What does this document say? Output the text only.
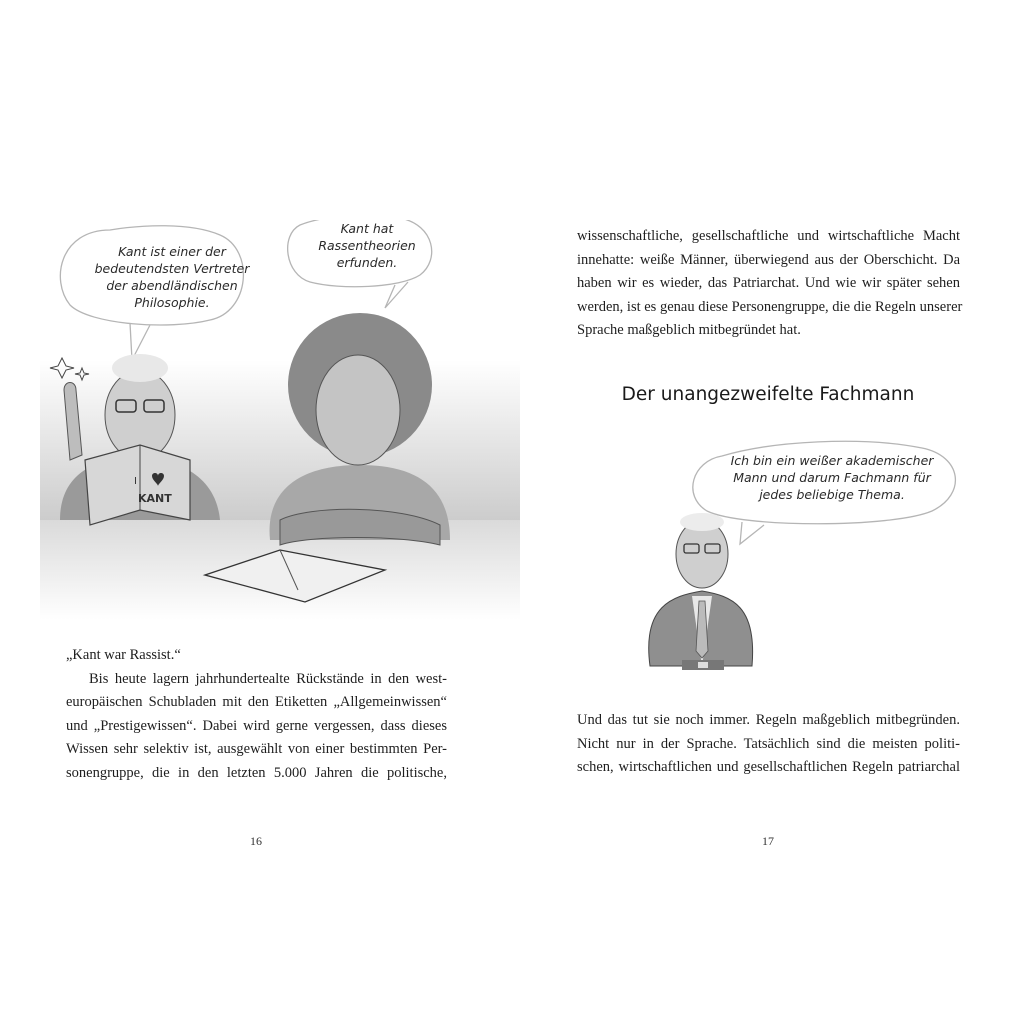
I
KANT
Kant ist einer der
bedeutendsten Vertreter
der abendländischen
Philosophie.
Kant hat
Rassentheorien
erfunden.
„Kant war Rassist.“
Bis heute lagern jahrhundertealte Rückstände in den west-
europäischen Schubladen mit den Etiketten „Allgemeinwissen“
und „Prestigewissen“. Dabei wird gerne vergessen, dass dieses
Wissen sehr selektiv ist, ausgewählt von einer bestimmten Per-
sonengruppe, die in den letzten 5.000 Jahren die politische,
16
wissenschaftliche, gesellschaftliche und wirtschaftliche Macht
innehatte: weiße Männer, überwiegend aus der Oberschicht. Da
haben wir es wieder, das Patriarchat. Und wie wir später sehen
werden, ist es genau diese Personengruppe, die die Regeln unserer
Sprache maßgeblich mitbegründet hat.
Der unangezweifelte Fachmann
Ich bin ein weißer akademischer
Mann und darum Fachmann für
jedes beliebige Thema.
Und das tut sie noch immer. Regeln maßgeblich mitbegründen.
Nicht nur in der Sprache. Tatsächlich sind die meisten politi-
schen, wirtschaftlichen und gesellschaftlichen Regeln patriarchal
17
